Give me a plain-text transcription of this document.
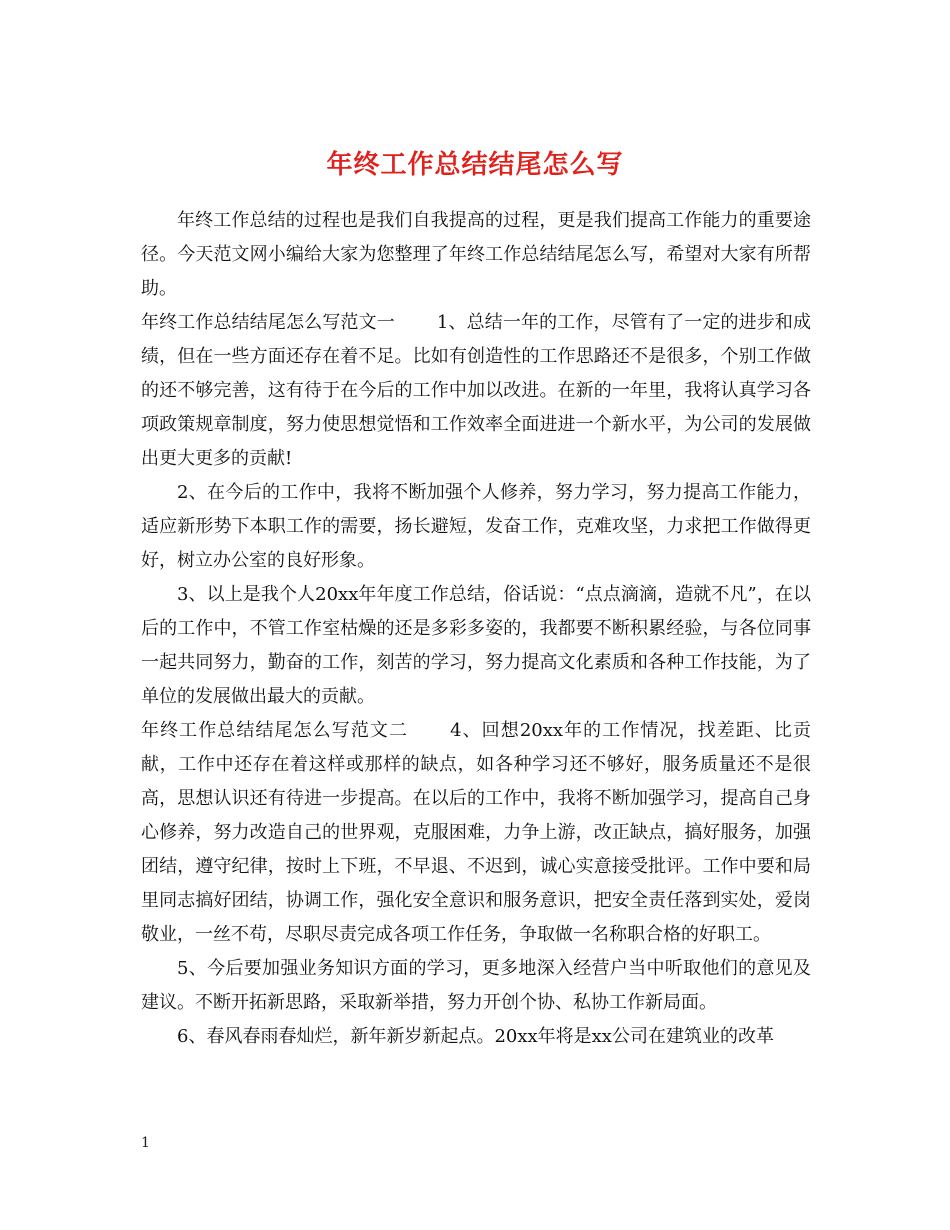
年终工作总结结尾怎么写

年终工作总结的过程也是我们自我提高的过程，更是我们提高工作能力的重要途径。今天范文网小编给大家为您整理了年终工作总结结尾怎么写，希望对大家有所帮助。

年终工作总结结尾怎么写范文一 1、总结一年的工作，尽管有了一定的进步和成绩，但在一些方面还存在着不足。比如有创造性的工作思路还不是很多，个别工作做的还不够完善，这有待于在今后的工作中加以改进。在新的一年里，我将认真学习各项政策规章制度，努力使思想觉悟和工作效率全面进进一个新水平，为公司的发展做出更大更多的贡献!

2、在今后的工作中，我将不断加强个人修养，努力学习，努力提高工作能力，适应新形势下本职工作的需要，扬长避短，发奋工作，克难攻坚，力求把工作做得更好，树立办公室的良好形象。

3、以上是我个人20xx年年度工作总结，俗话说：“点点滴滴，造就不凡”，在以后的工作中，不管工作室枯燥的还是多彩多姿的，我都要不断积累经验，与各位同事一起共同努力，勤奋的工作，刻苦的学习，努力提高文化素质和各种工作技能，为了单位的发展做出最大的贡献。

年终工作总结结尾怎么写范文二 4、回想20xx年的工作情况，找差距、比贡献，工作中还存在着这样或那样的缺点，如各种学习还不够好，服务质量还不是很高，思想认识还有待进一步提高。在以后的工作中，我将不断加强学习，提高自己身心修养，努力改造自己的世界观，克服困难，力争上游，改正缺点，搞好服务，加强团结，遵守纪律，按时上下班，不早退、不迟到，诚心实意接受批评。工作中要和局里同志搞好团结，协调工作，强化安全意识和服务意识，把安全责任落到实处，爱岗敬业，一丝不苟，尽职尽责完成各项工作任务，争取做一名称职合格的好职工。

5、今后要加强业务知识方面的学习，更多地深入经营户当中听取他们的意见及建议。不断开拓新思路，采取新举措，努力开创个协、私协工作新局面。

6、春风春雨春灿烂，新年新岁新起点。20xx年将是xx公司在建筑业的改革

1
